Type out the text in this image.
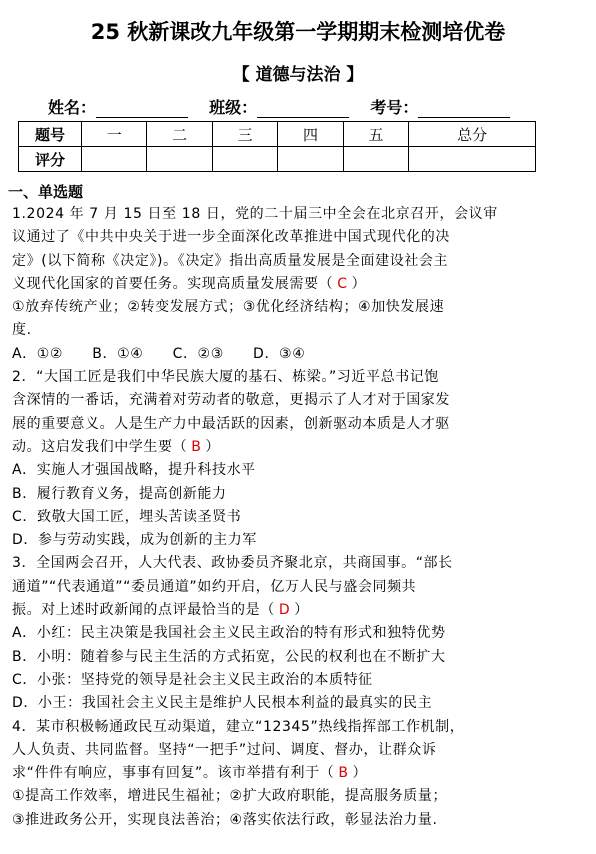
25 秋新课改九年级第一学期期末检测培优卷
【 道德与法治 】
姓名：	班级：	考号：
题号	一	二	三	四	五	总分
评分						
一、单选题

1.2024 年 7 月 15 日至 18 日，党的二十届三中全会在北京召开，会议审

议通过了《中共中央关于进一步全面深化改革推进中国式现代化的决

定》(以下简称《决定》)。《决定》指出高质量发展是全面建设社会主

义现代化国家的首要任务。实现高质量发展需要（ C ）

①放弃传统产业；②转变发展方式；③优化经济结构；④加快发展速

度.

A．①②　　B．①④　　C．②③　　D．③④

2．“大国工匠是我们中华民族大厦的基石、栋梁。”习近平总书记饱

含深情的一番话，充满着对劳动者的敬意，更揭示了人才对于国家发

展的重要意义。人是生产力中最活跃的因素，创新驱动本质是人才驱

动。这启发我们中学生要（ B ）

A．实施人才强国战略，提升科技水平

B．履行教育义务，提高创新能力

C．致敬大国工匠，埋头苦读圣贤书

D．参与劳动实践，成为创新的主力军

3．全国两会召开，人大代表、政协委员齐聚北京，共商国事。“部长

通道”“代表通道”“委员通道”如约开启，亿万人民与盛会同频共

振。对上述时政新闻的点评最恰当的是（ D ）

A．小红：民主决策是我国社会主义民主政治的特有形式和独特优势

B．小明：随着参与民主生活的方式拓宽，公民的权利也在不断扩大

C．小张：坚持党的领导是社会主义民主政治的本质特征

D．小王：我国社会主义民主是维护人民根本利益的最真实的民主

4．某市积极畅通政民互动渠道，建立“12345”热线指挥部工作机制，

人人负责、共同监督。坚持“一把手”过问、调度、督办，让群众诉

求“件件有响应，事事有回复”。该市举措有利于（ B ）

①提高工作效率，增进民生福祉；②扩大政府职能，提高服务质量；

③推进政务公开，实现良法善治；④落实依法行政，彰显法治力量.
